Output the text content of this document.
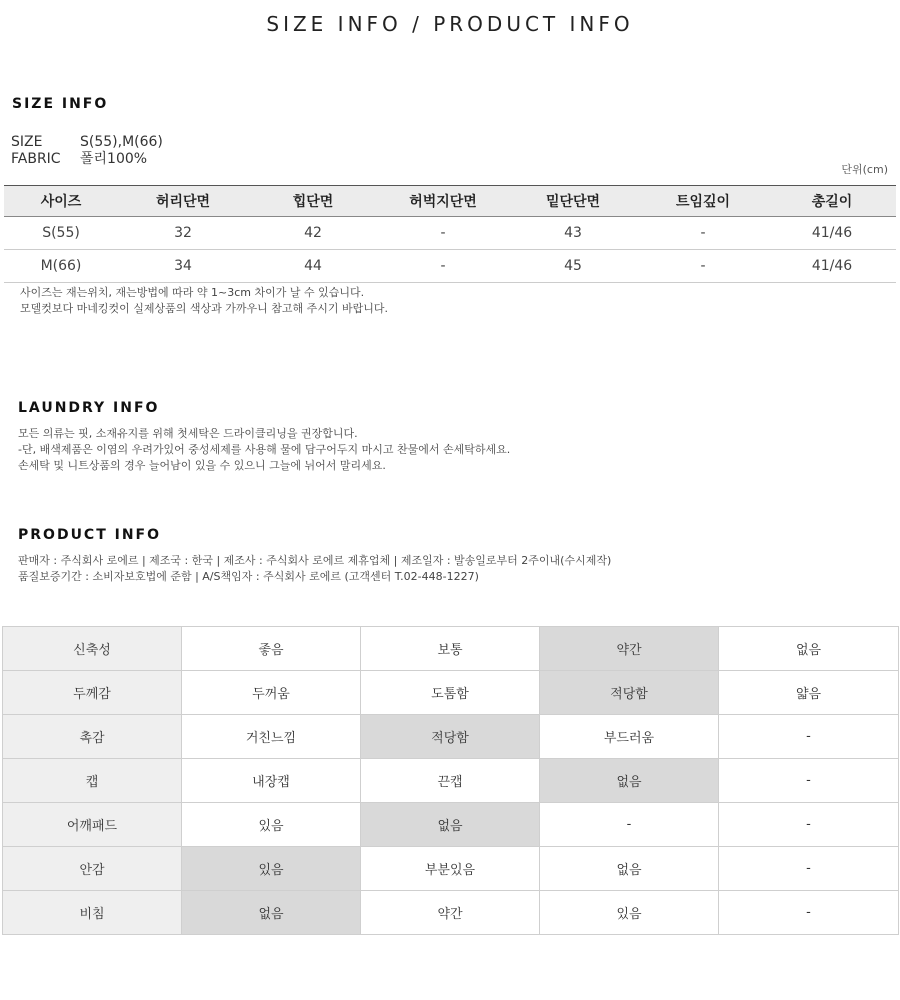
SIZE INFO / PRODUCT INFO
SIZE INFO
SIZE	S(55),M(66)
FABRIC 폴리100%
단위(cm)
사이즈	허리단면	힙단면	허벅지단면	밑단단면	트임깊이	총길이
S(55)	32	42	-	43	-	41/46
M(66)	34	44	-	45	-	41/46
사이즈는 재는위치, 재는방법에 따라 약 1~3cm 차이가 날 수 있습니다.
모델컷보다 마네킹컷이 실제상품의 색상과 가까우니 참고해 주시기 바랍니다.
LAUNDRY INFO
모든 의류는 핏, 소재유지를 위해 첫세탁은 드라이클리닝을 권장합니다.
-단, 배색제품은 이염의 우려가있어 중성세제를 사용해 물에 담구어두지 마시고 찬물에서 손세탁하세요.
손세탁 및 니트상품의 경우 늘어남이 있을 수 있으니 그늘에 뉘어서 말리세요.
PRODUCT INFO
판매자 : 주식회사 로에르 | 제조국 : 한국 | 제조사 : 주식회사 로에르 제휴업체 | 제조일자 : 발송일로부터 2주이내(수시제작)
품질보증기간 : 소비자보호법에 준함 | A/S책임자 : 주식회사 로에르 (고객센터 T.02-448-1227)
신축성	좋음	보통	약간	없음
두께감	두꺼움	도톰함	적당함	얇음
촉감	거친느낌	적당함	부드러움	-
캡	내장캡	끈캡	없음	-
어깨패드	있음	없음	-	-
안감	있음	부분있음	없음	-
비침	없음	약간	있음	-
